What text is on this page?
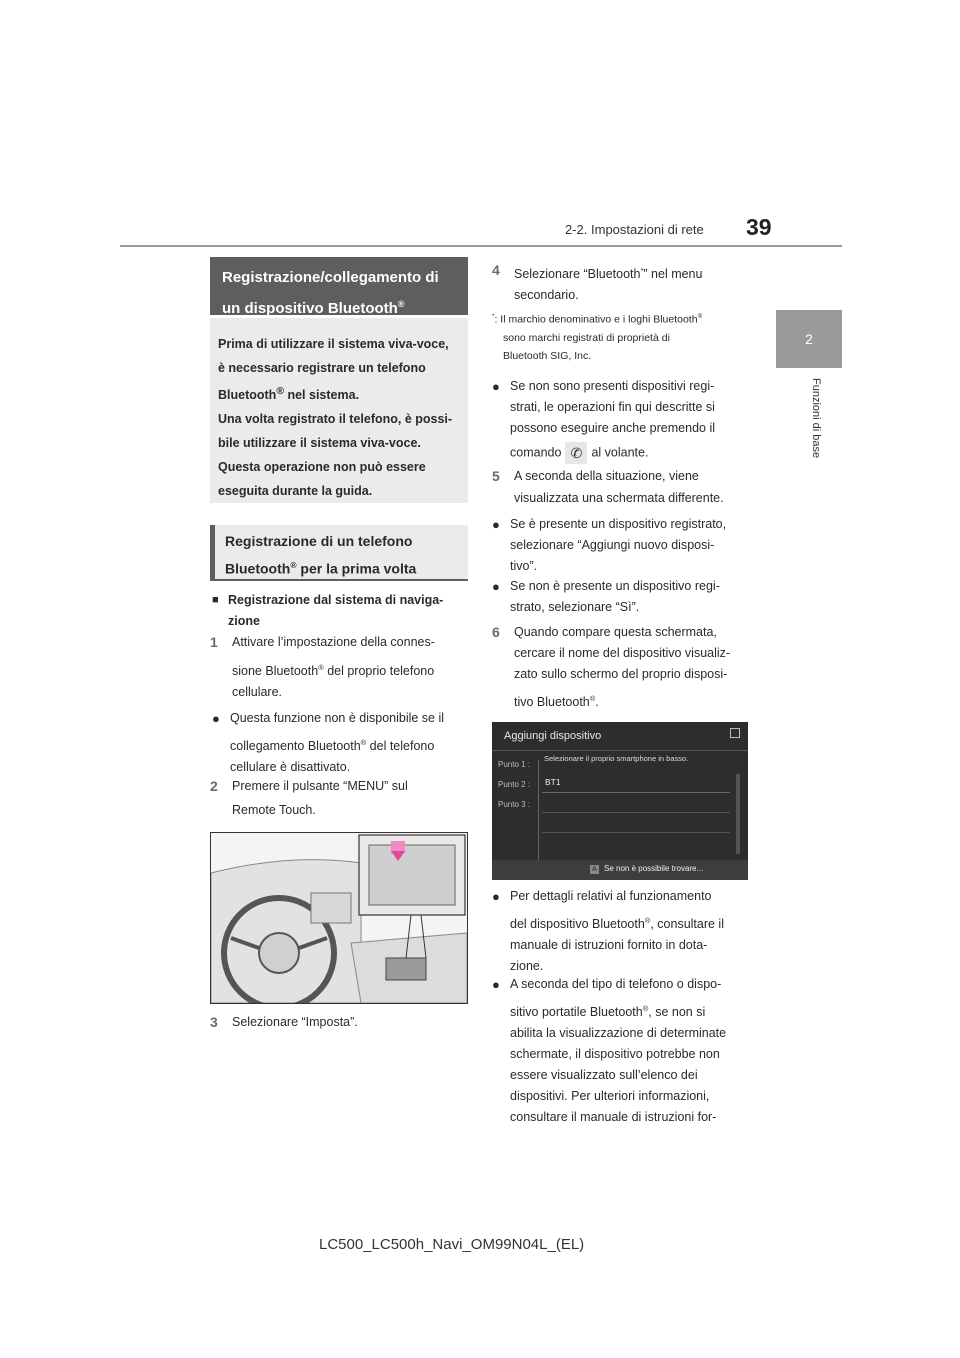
2-2. Impostazioni di rete 39
2
Funzioni di base
Registrazione/collegamento di
un dispositivo Bluetooth®

Prima di utilizzare il sistema viva-voce,

è necessario registrare un telefono

Bluetooth® nel sistema.

Una volta registrato il telefono, è possi-

bile utilizzare il sistema viva-voce.

Questa operazione non può essere

eseguita durante la guida.

Registrazione di un telefono
Bluetooth® per la prima volta
■ Registrazione dal sistema di naviga-
zione
1 Attivare l’impostazione della connes-
sione Bluetooth® del proprio telefono
cellulare.
● Questa funzione non è disponibile se il
collegamento Bluetooth® del telefono
cellulare è disattivato.
2 Premere il pulsante “MENU” sul
Remote Touch.
3 Selezionare “Imposta”.
4 Selezionare “Bluetooth*” nel menu
secondario.
*: Il marchio denominativo e i loghi Bluetooth®
sono marchi registrati di proprietà di
Bluetooth SIG, Inc.
● Se non sono presenti dispositivi regi-
strati, le operazioni fin qui descritte si
possono eseguire anche premendo il
comando ✆ al volante.
5 A seconda della situazione, viene
visualizzata una schermata differente.
● Se è presente un dispositivo registrato,
selezionare “Aggiungi nuovo disposi-
tivo”.
● Se non è presente un dispositivo regi-
strato, selezionare “Sì”.
6 Quando compare questa schermata,
cercare il nome del dispositivo visualiz-
zato sullo schermo del proprio disposi-
tivo Bluetooth®.
Aggiungi dispositivo
Selezionare il proprio smartphone in basso.
Punto 1 :
Punto 2 :
Punto 3 :
BT1
A Se non è possibile trovare...
● Per dettagli relativi al funzionamento
del dispositivo Bluetooth®, consultare il
manuale di istruzioni fornito in dota-
zione.
● A seconda del tipo di telefono o dispo-
sitivo portatile Bluetooth®, se non si
abilita la visualizzazione di determinate
schermate, il dispositivo potrebbe non
essere visualizzato sull’elenco dei
dispositivi. Per ulteriori informazioni,
consultare il manuale di istruzioni for-
LC500_LC500h_Navi_OM99N04L_(EL)
